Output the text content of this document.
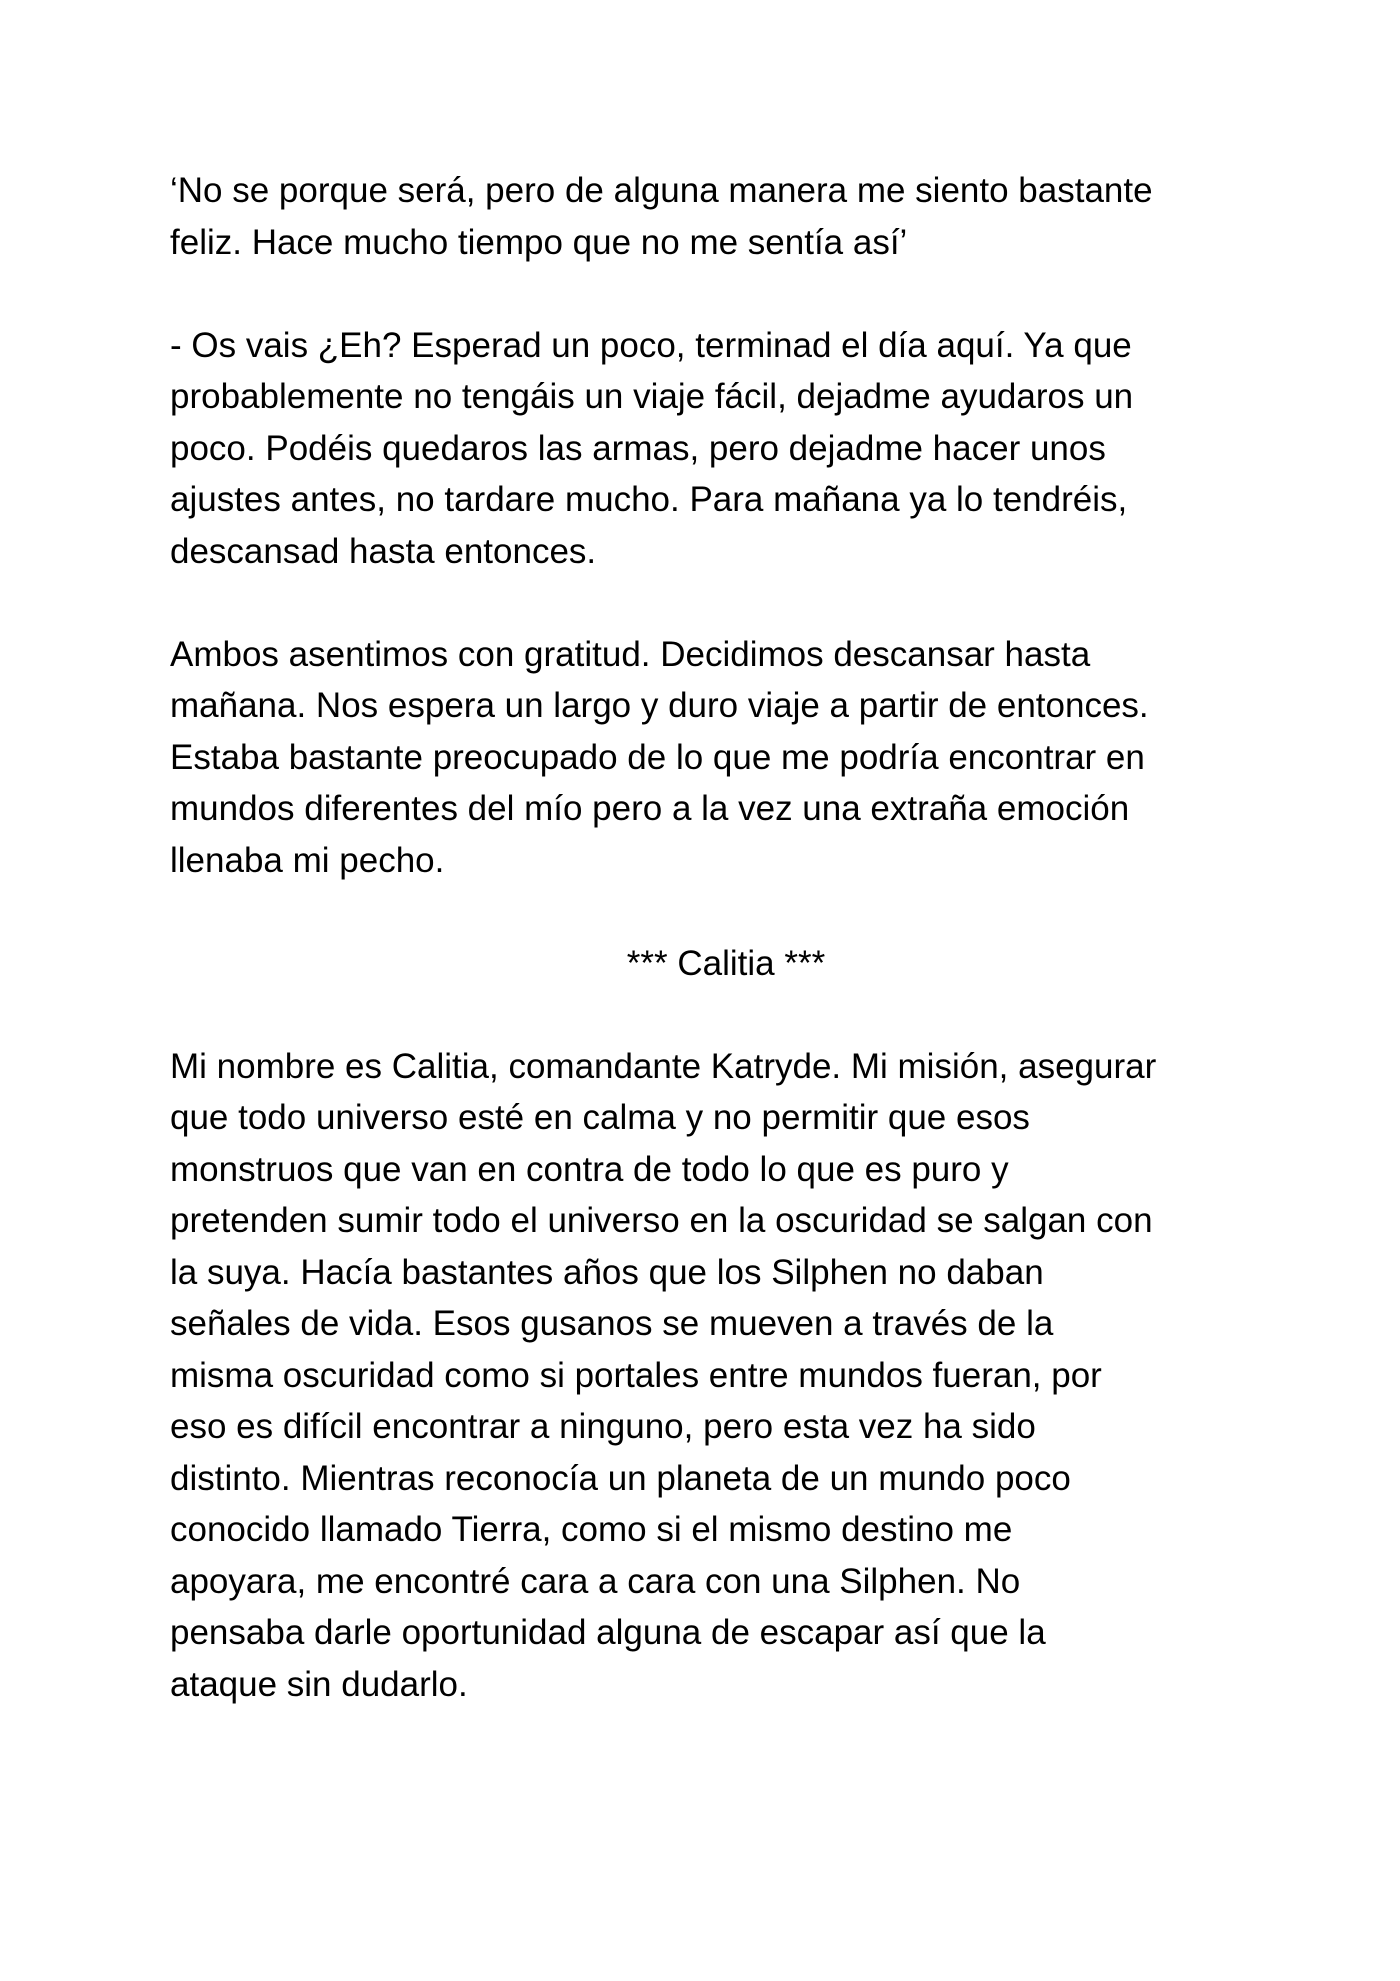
‘No se porque será, pero de alguna manera me siento bastante
feliz. Hace mucho tiempo que no me sentía así’

- Os vais ¿Eh? Esperad un poco, terminad el día aquí. Ya que
probablemente no tengáis un viaje fácil, dejadme ayudaros un
poco. Podéis quedaros las armas, pero dejadme hacer unos
ajustes antes, no tardare mucho. Para mañana ya lo tendréis,
descansad hasta entonces.

Ambos asentimos con gratitud. Decidimos descansar hasta
mañana. Nos espera un largo y duro viaje a partir de entonces.
Estaba bastante preocupado de lo que me podría encontrar en
mundos diferentes del mío pero a la vez una extraña emoción
llenaba mi pecho.

*** Calitia ***

Mi nombre es Calitia, comandante Katryde. Mi misión, asegurar
que todo universo esté en calma y no permitir que esos
monstruos que van en contra de todo lo que es puro y
pretenden sumir todo el universo en la oscuridad se salgan con
la suya. Hacía bastantes años que los Silphen no daban
señales de vida. Esos gusanos se mueven a través de la
misma oscuridad como si portales entre mundos fueran, por
eso es difícil encontrar a ninguno, pero esta vez ha sido
distinto. Mientras reconocía un planeta de un mundo poco
conocido llamado Tierra, como si el mismo destino me
apoyara, me encontré cara a cara con una Silphen. No
pensaba darle oportunidad alguna de escapar así que la
ataque sin dudarlo.
